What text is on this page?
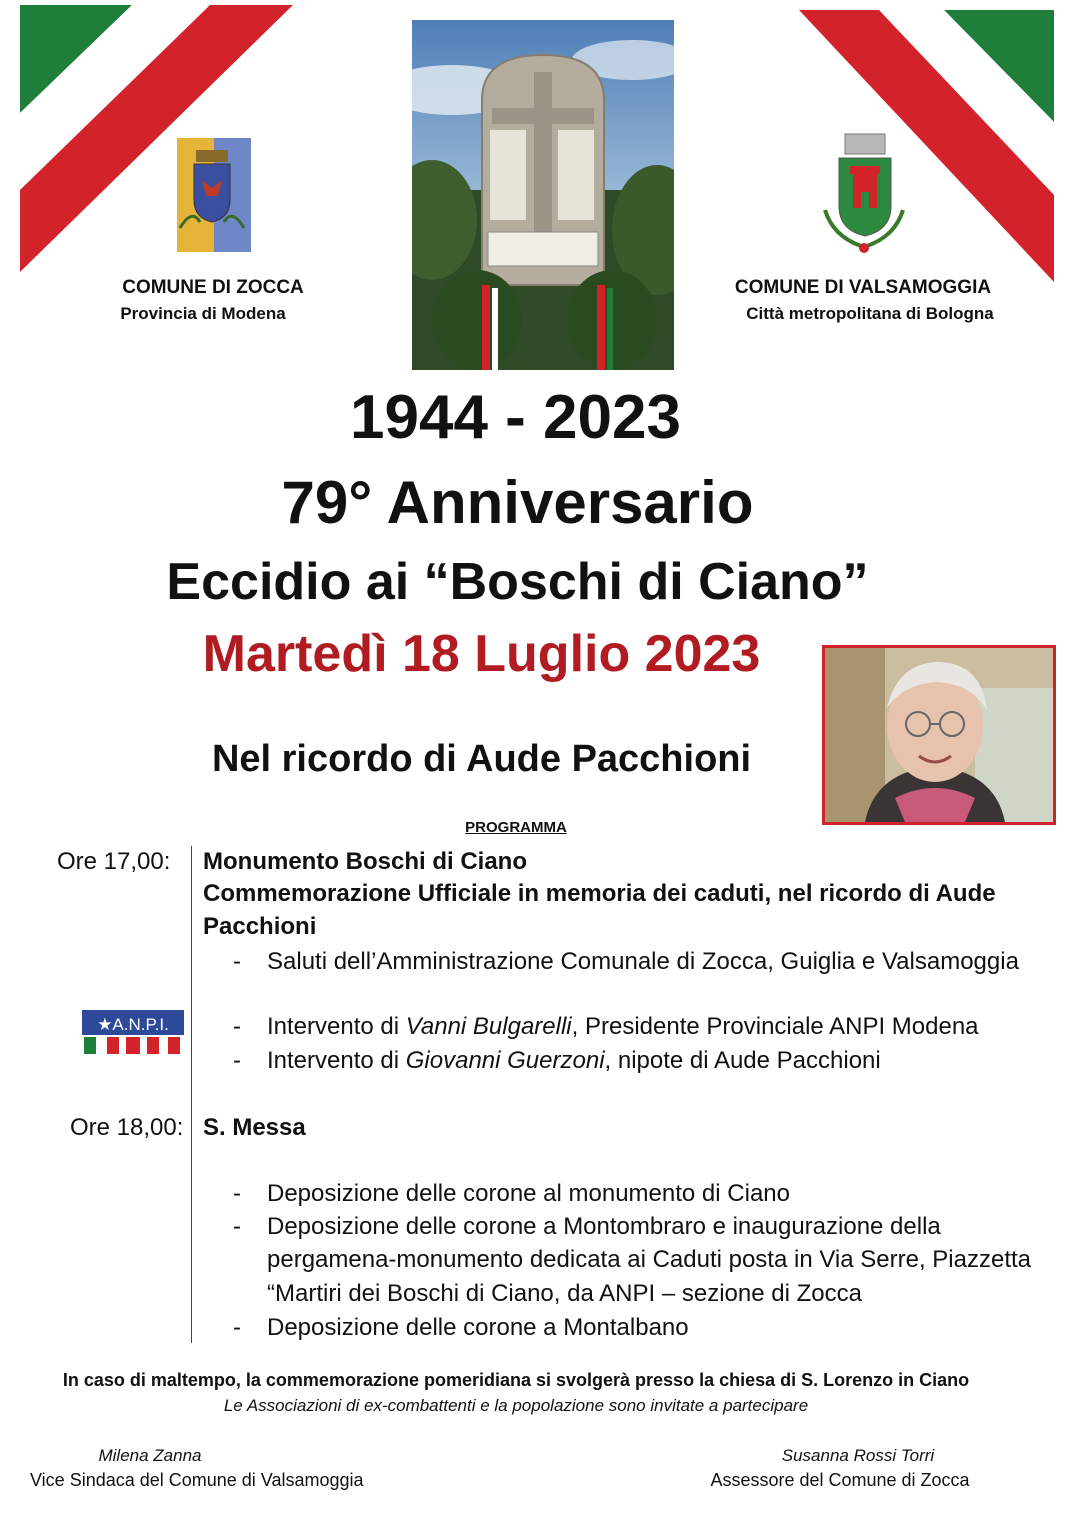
COMUNE DI ZOCCA
Provincia di Modena
COMUNE DI VALSAMOGGIA
Città metropolitana di Bologna
1944 - 2023
79° Anniversario
Eccidio ai “Boschi di Ciano”
Martedì 18 Luglio 2023
Nel ricordo di Aude Pacchioni
PROGRAMMA
Ore 17,00: Monumento Boschi di Ciano
Commemorazione Ufficiale in memoria dei caduti, nel ricordo di Aude
Pacchioni
- Saluti dell’Amministrazione Comunale di Zocca, Guiglia e Valsamoggia
★A.N.P.I.	- Intervento di Vanni Bulgarelli, Presidente Provinciale ANPI Modena
- Intervento di Giovanni Guerzoni, nipote di Aude Pacchioni
Ore 18,00: S. Messa
- Deposizione delle corone al monumento di Ciano
- Deposizione delle corone a Montombraro e inaugurazione della
pergamena-monumento dedicata ai Caduti posta in Via Serre, Piazzetta
“Martiri dei Boschi di Ciano, da ANPI – sezione di Zocca
- Deposizione delle corone a Montalbano
In caso di maltempo, la commemorazione pomeridiana si svolgerà presso la chiesa di S. Lorenzo in Ciano
Le Associazioni di ex-combattenti e la popolazione sono invitate a partecipare
Milena Zanna
Vice Sindaca del Comune di Valsamoggia
Susanna Rossi Torri
Assessore del Comune di Zocca
